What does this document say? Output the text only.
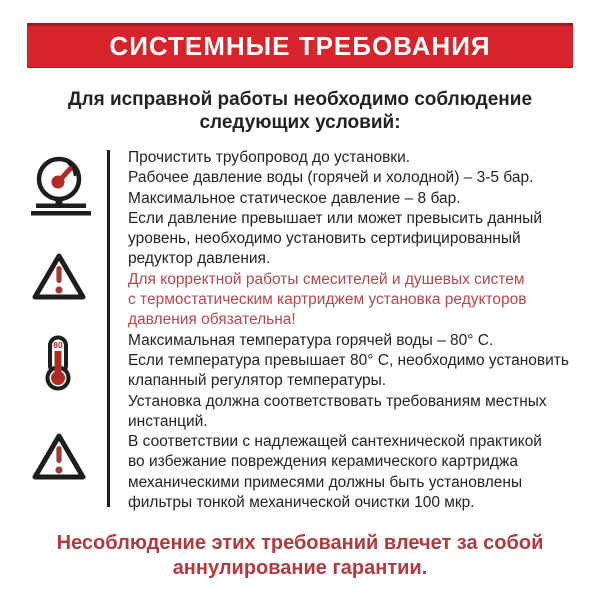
СИСТЕМНЫЕ ТРЕБОВАНИЯ
Для исправной работы необходимо соблюдение
следующих условий:
80
Прочистить трубопровод до установки.
Рабочее давление воды (горячей и холодной) – 3-5 бар.
Максимальное статическое давление – 8 бар.
Если давление превышает или может превысить данный
уровень, необходимо установить сертифицированный
редуктор давления.
Для корректной работы смесителей и душевых систем
с термостатическим картриджем установка редукторов
давления обязательна!
Максимальная температура горячей воды – 80° C.
Если температура превышает 80° C, необходимо установить
клапанный регулятор температуры.
Установка должна соответствовать требованиям местных
инстанций.
В соответствии с надлежащей сантехнической практикой
во избежание повреждения керамического картриджа
механическими примесями должны быть установлены
фильтры тонкой механической очистки 100 мкр.
Несоблюдение этих требований влечет за собой
аннулирование гарантии.
